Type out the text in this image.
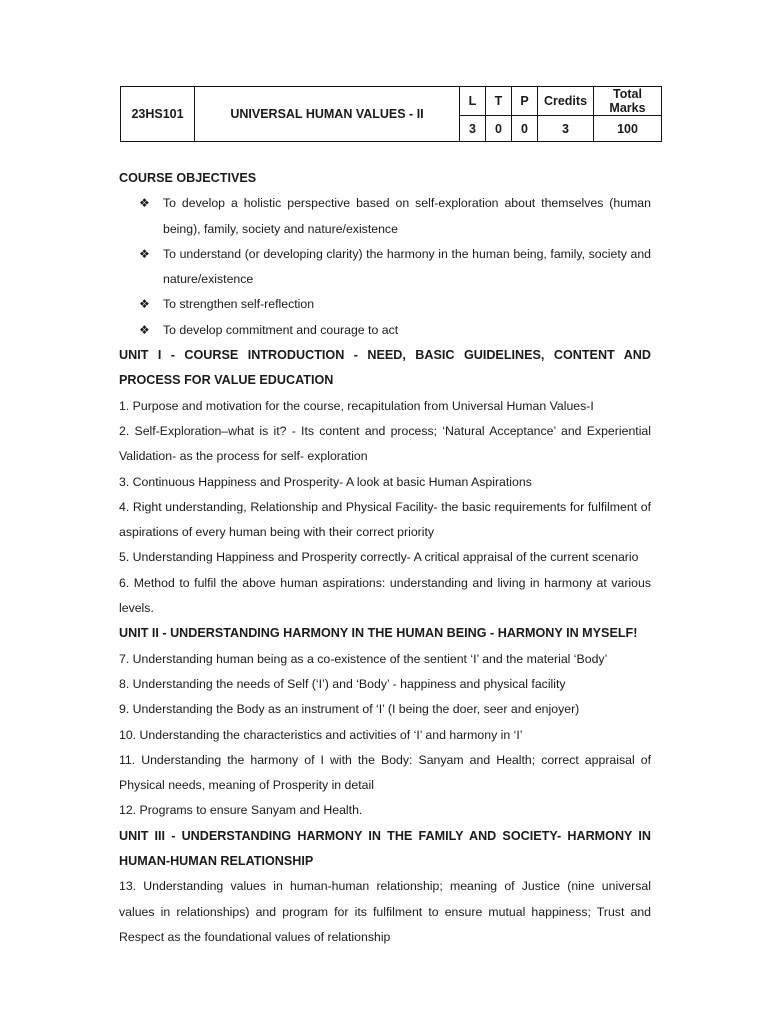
23HS101	UNIVERSAL HUMAN VALUES - II	L	T	P	Credits	Total Marks
		3	0	0	3	100

COURSE OBJECTIVES

❖ To develop a holistic perspective based on self-exploration about themselves (human being), family, society and nature/existence

❖ To understand (or developing clarity) the harmony in the human being, family, society and nature/existence

❖ To strengthen self-reflection

❖ To develop commitment and courage to act

UNIT I - COURSE INTRODUCTION - NEED, BASIC GUIDELINES, CONTENT AND PROCESS FOR VALUE EDUCATION

1. Purpose and motivation for the course, recapitulation from Universal Human Values-I

2. Self-Exploration–what is it? - Its content and process; ‘Natural Acceptance’ and Experiential Validation- as the process for self- exploration

3. Continuous Happiness and Prosperity- A look at basic Human Aspirations

4. Right understanding, Relationship and Physical Facility- the basic requirements for fulfilment of aspirations of every human being with their correct priority

5. Understanding Happiness and Prosperity correctly- A critical appraisal of the current scenario

6. Method to fulfil the above human aspirations: understanding and living in harmony at various levels.

UNIT II - UNDERSTANDING HARMONY IN THE HUMAN BEING - HARMONY IN MYSELF!

7. Understanding human being as a co-existence of the sentient ‘I’ and the material ‘Body’

8. Understanding the needs of Self (‘I’) and ‘Body’ - happiness and physical facility

9. Understanding the Body as an instrument of ‘I’ (I being the doer, seer and enjoyer)

10. Understanding the characteristics and activities of ‘I’ and harmony in ‘I’

11. Understanding the harmony of I with the Body: Sanyam and Health; correct appraisal of Physical needs, meaning of Prosperity in detail

12. Programs to ensure Sanyam and Health.

UNIT III - UNDERSTANDING HARMONY IN THE FAMILY AND SOCIETY- HARMONY IN HUMAN-HUMAN RELATIONSHIP

13. Understanding values in human-human relationship; meaning of Justice (nine universal values in relationships) and program for its fulfilment to ensure mutual happiness; Trust and Respect as the foundational values of relationship
